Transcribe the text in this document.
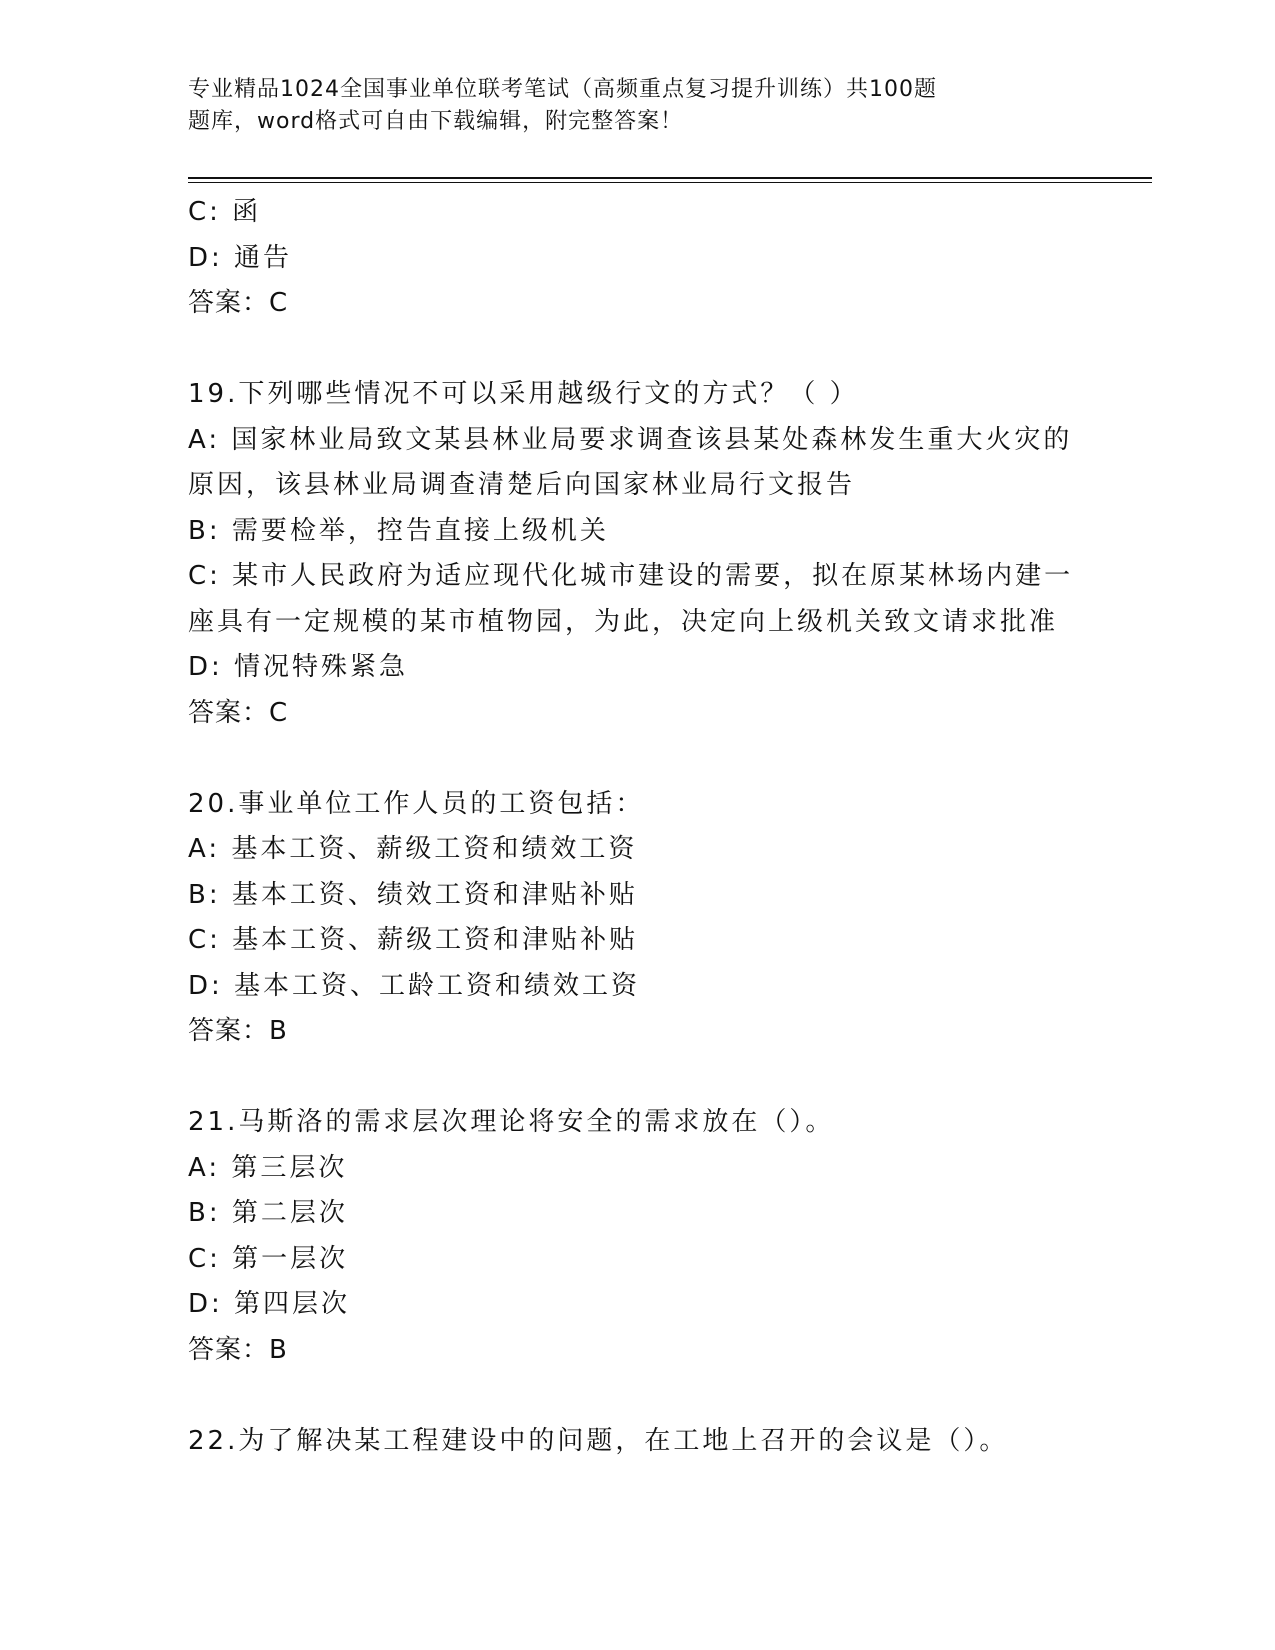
专业精品1024全国事业单位联考笔试（高频重点复习提升训练）共100题
题库，word格式可自由下载编辑，附完整答案！
C: 函
D: 通告
答案：C
19.下列哪些情况不可以采用越级行文的方式？（ ）
A: 国家林业局致文某县林业局要求调查该县某处森林发生重大火灾的
原因，该县林业局调查清楚后向国家林业局行文报告
B: 需要检举，控告直接上级机关
C: 某市人民政府为适应现代化城市建设的需要，拟在原某林场内建一
座具有一定规模的某市植物园，为此，决定向上级机关致文请求批准
D: 情况特殊紧急
答案：C
20.事业单位工作人员的工资包括：
A: 基本工资、薪级工资和绩效工资
B: 基本工资、绩效工资和津贴补贴
C: 基本工资、薪级工资和津贴补贴
D: 基本工资、工龄工资和绩效工资
答案：B
21.马斯洛的需求层次理论将安全的需求放在（）。
A: 第三层次
B: 第二层次
C: 第一层次
D: 第四层次
答案：B
22.为了解决某工程建设中的问题，在工地上召开的会议是（）。
